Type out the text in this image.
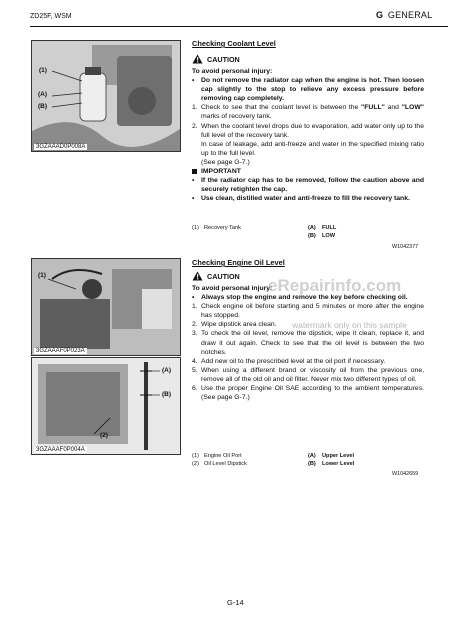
ZD25F, WSM	G GENERAL
(1)
(A)
(B)
3GZAAAD0P008A
Checking Coolant Level
CAUTION

To avoid personal injury:

• Do not remove the radiator cap when the engine is hot. Then loosen cap slightly to the stop to relieve any excess pressure before removing cap completely.
1. Check to see that the coolant level is between the "FULL" and "LOW" marks of recovery tank.
2. When the coolant level drops due to evaporation, add water only up to the full level of the recovery tank.

In case of leakage, add anti-freeze and water in the specified mixing ratio up to the full level.

(See page G-7.)

IMPORTANT
• If the radiator cap has to be removed, follow the caution above and securely retighten the cap.
• Use clean, distilled water and anti-freeze to fill the recovery tank.
(1)	Recovery Tank	(A)	FULL
		(B)	LOW
W1042377
(1)
3GZAAAF0P023A
(A)
(B)
(2)
3GZAAAF0P004A
Checking Engine Oil Level
CAUTION

To avoid personal injury:

• Always stop the engine and remove the key before checking oil.
1. Check engine oil before starting and 5 minutes or more after the engine has stopped.
2. Wipe dipstick area clean.
3. To check the oil level, remove the dipstick, wipe it clean, replace it, and draw it out again. Check to see that the oil level is between the two notches.
4. Add new oil to the prescribed level at the oil port if necessary.
5. When using a different brand or viscosity oil from the previous one, remove all of the old oil and oil filter. Never mix two different types of oil.
6. Use the proper Engine Oil SAE according to the ambient temperatures. (See page G-7.)
(1)	Engine Oil Port	(A)	Upper Level
(2)	Oil Level Dipstick	(B)	Lower Level
W1042659
eRepairinfo.com
watermark only on this sample
G-14
